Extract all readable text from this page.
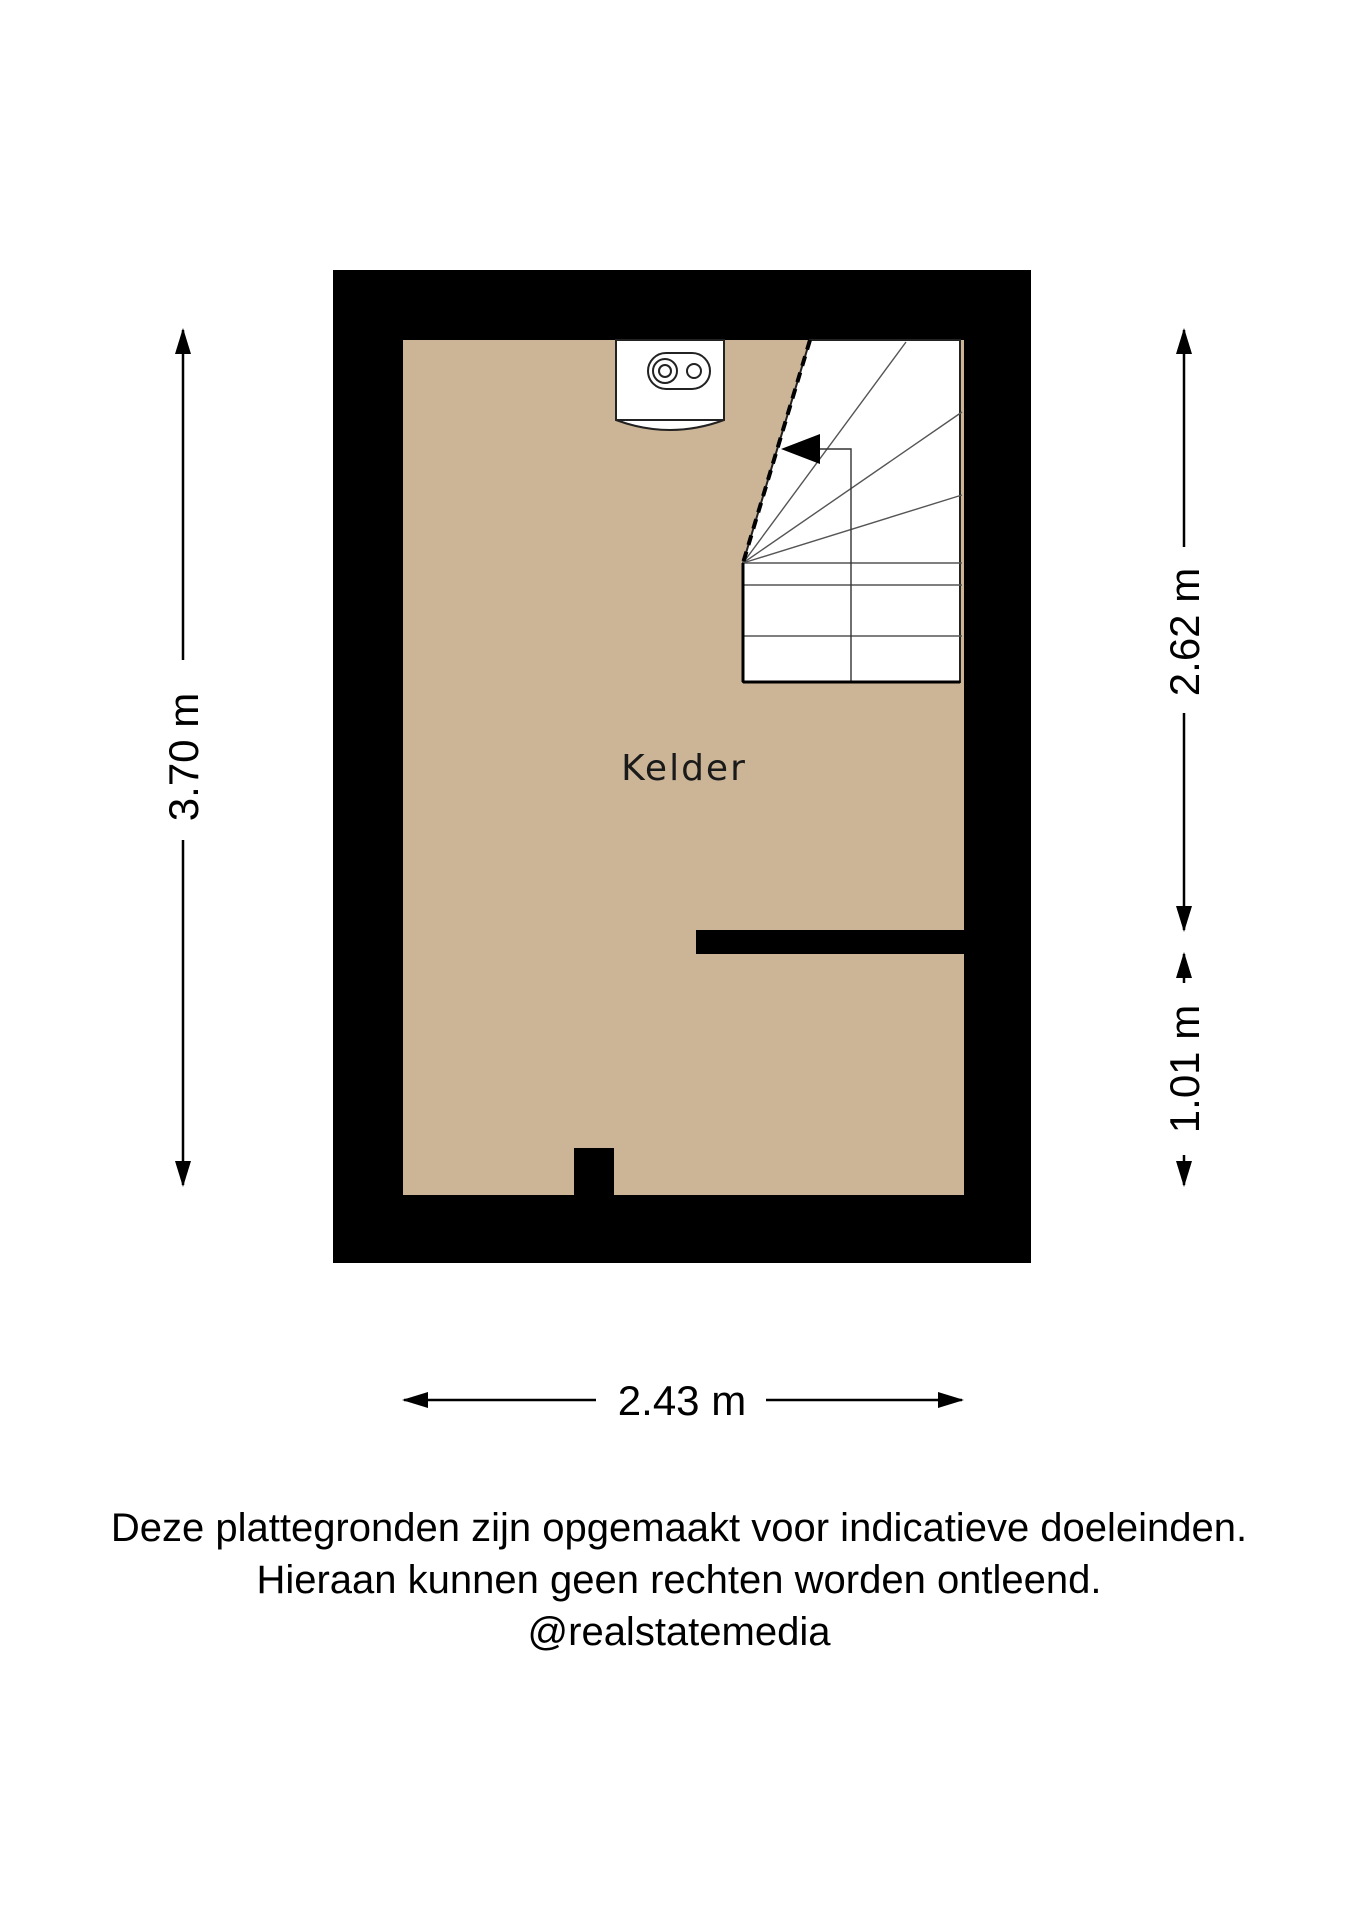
Kelder
3.70 m
2.62 m
1.01 m
2.43 m
Deze plattegronden zijn opgemaakt voor indicatieve doeleinden.
Hieraan kunnen geen rechten worden ontleend.
@realstatemedia
